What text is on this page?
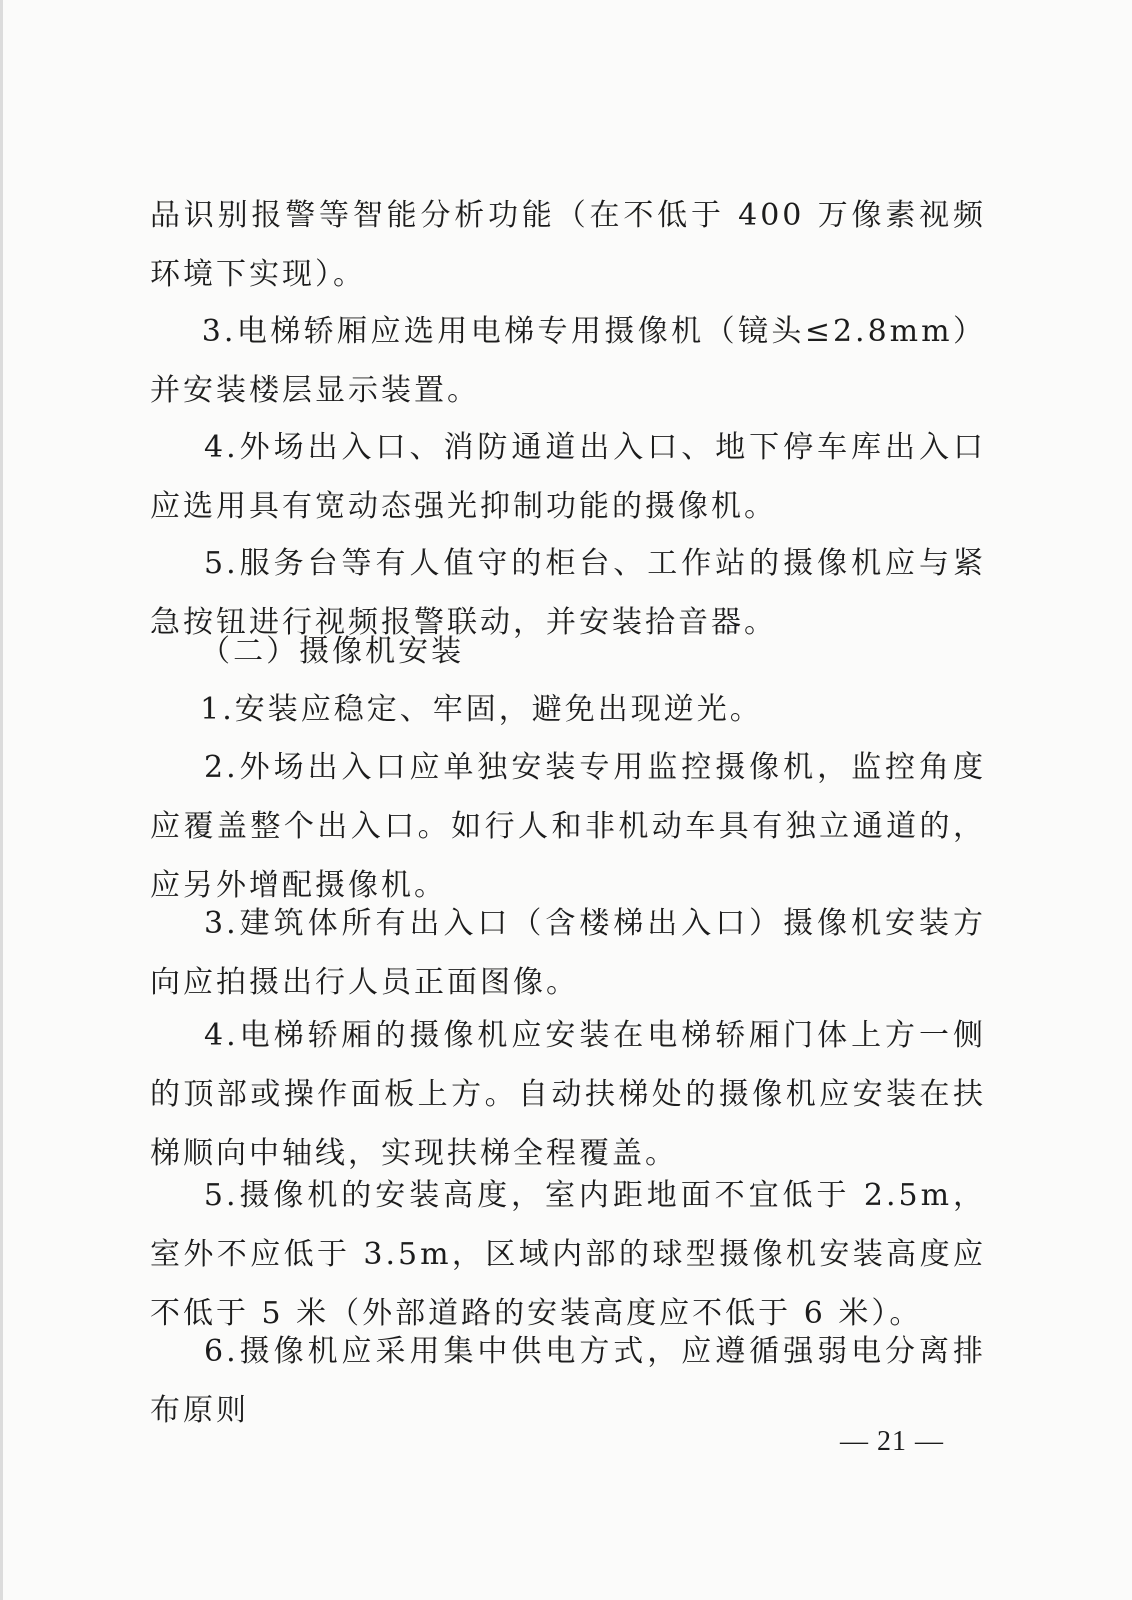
品识别报警等智能分析功能（在不低于 400 万像素视频环境下实现）。

3.电梯轿厢应选用电梯专用摄像机（镜头≤2.8mm）并安装楼层显示装置。

4.外场出入口、消防通道出入口、地下停车库出入口应选用具有宽动态强光抑制功能的摄像机。

5.服务台等有人值守的柜台、工作站的摄像机应与紧急按钮进行视频报警联动，并安装拾音器。

（二）摄像机安装

1.安装应稳定、牢固，避免出现逆光。

2.外场出入口应单独安装专用监控摄像机，监控角度应覆盖整个出入口。如行人和非机动车具有独立通道的，应另外增配摄像机。

3.建筑体所有出入口（含楼梯出入口）摄像机安装方向应拍摄出行人员正面图像。

4.电梯轿厢的摄像机应安装在电梯轿厢门体上方一侧的顶部或操作面板上方。自动扶梯处的摄像机应安装在扶梯顺向中轴线，实现扶梯全程覆盖。

5.摄像机的安装高度，室内距地面不宜低于 2.5m，室外不应低于 3.5m，区域内部的球型摄像机安装高度应不低于 5 米（外部道路的安装高度应不低于 6 米）。

6.摄像机应采用集中供电方式，应遵循强弱电分离排布原则

— 21 —
